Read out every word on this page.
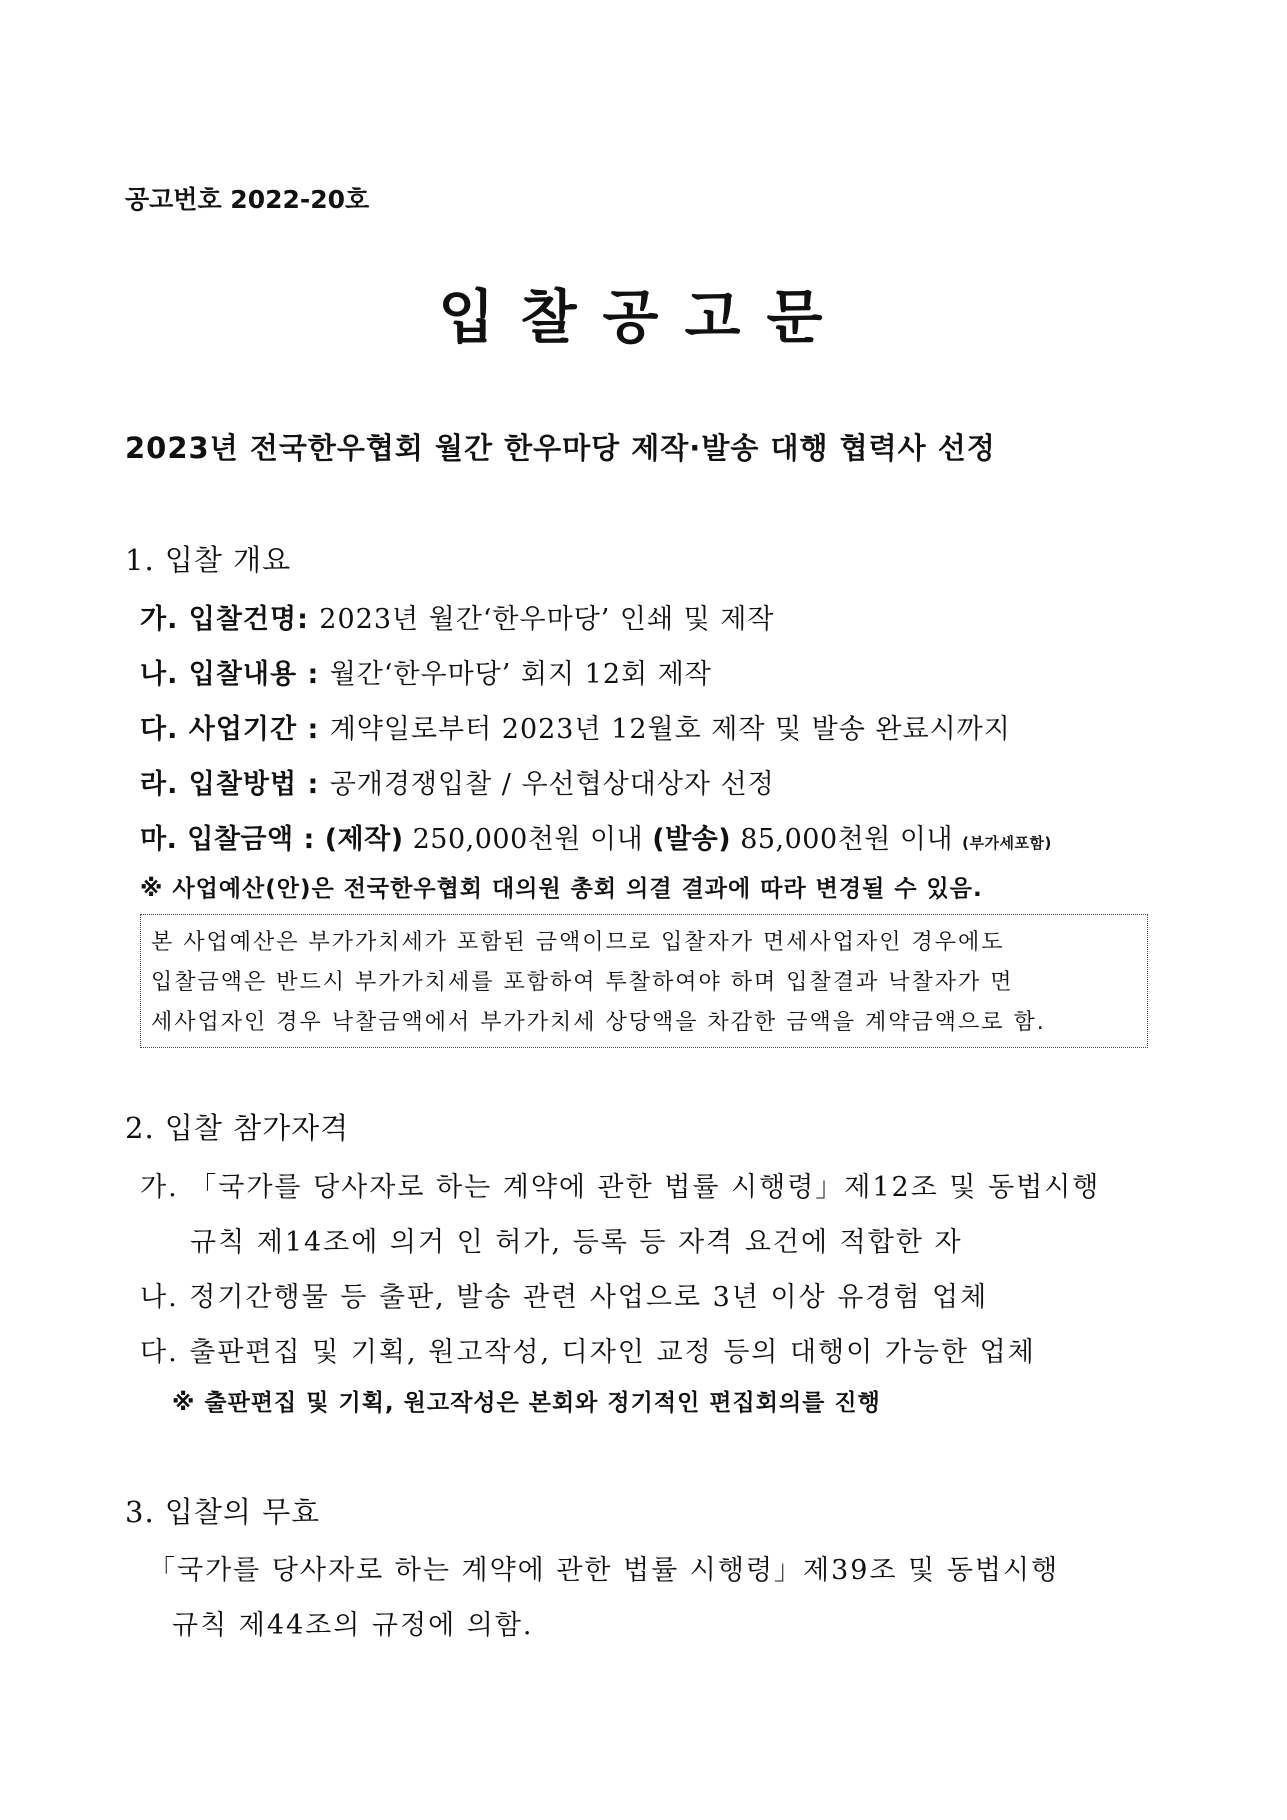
공고번호 2022-20호
입찰공고문
2023년 전국한우협회 월간 한우마당 제작·발송 대행 협력사 선정
1. 입찰 개요
가. 입찰건명: 2023년 월간‘한우마당’ 인쇄 및 제작
나. 입찰내용 : 월간‘한우마당’ 회지 12회 제작
다. 사업기간 : 계약일로부터 2023년 12월호 제작 및 발송 완료시까지
라. 입찰방법 : 공개경쟁입찰 / 우선협상대상자 선정
마. 입찰금액 : (제작) 250,000천원 이내 (발송) 85,000천원 이내 (부가세포함)
※ 사업예산(안)은 전국한우협회 대의원 총회 의결 결과에 따라 변경될 수 있음.
본 사업예산은 부가가치세가 포함된 금액이므로 입찰자가 면세사업자인 경우에도
입찰금액은 반드시 부가가치세를 포함하여 투찰하여야 하며 입찰결과 낙찰자가 면
세사업자인 경우 낙찰금액에서 부가가치세 상당액을 차감한 금액을 계약금액으로 함.
2. 입찰 참가자격
가. 「국가를 당사자로 하는 계약에 관한 법률 시행령」제12조 및 동법시행
규칙 제14조에 의거 인 허가, 등록 등 자격 요건에 적합한 자
나. 정기간행물 등 출판, 발송 관련 사업으로 3년 이상 유경험 업체
다. 출판편집 및 기획, 원고작성, 디자인 교정 등의 대행이 가능한 업체
※ 출판편집 및 기획, 원고작성은 본회와 정기적인 편집회의를 진행
3. 입찰의 무효
「국가를 당사자로 하는 계약에 관한 법률 시행령」제39조 및 동법시행
규칙 제44조의 규정에 의함.
